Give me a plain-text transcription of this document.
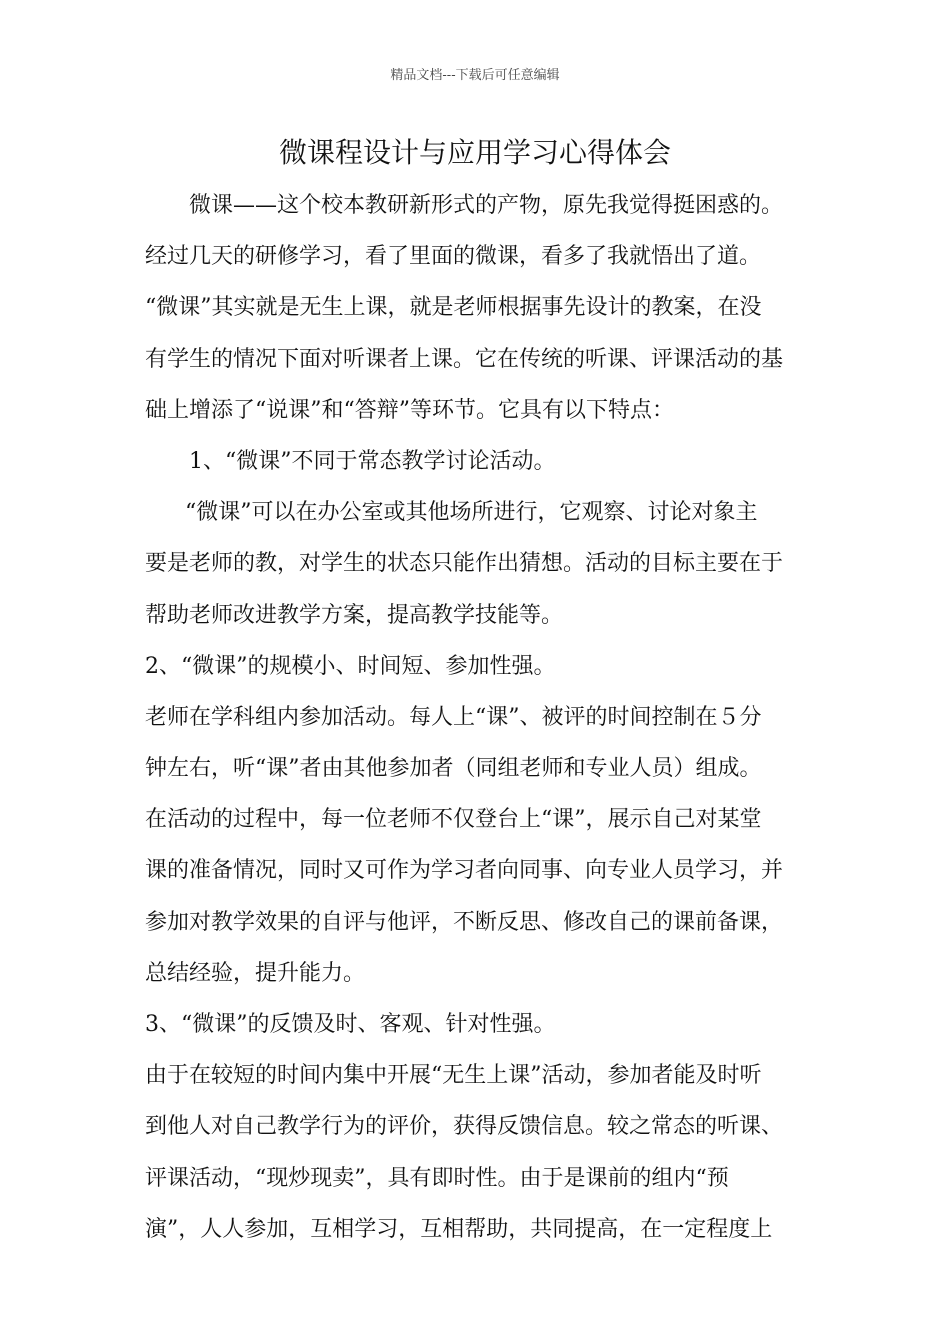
精品文档---下载后可任意编辑
微课程设计与应用学习心得体会
微课——这个校本教研新形式的产物，原先我觉得挺困惑的。
经过几天的研修学习，看了里面的微课，看多了我就悟出了道。
“微课”其实就是无生上课，就是老师根据事先设计的教案，在没
有学生的情况下面对听课者上课。它在传统的听课、评课活动的基
础上增添了“说课”和“答辩”等环节。它具有以下特点：
1、“微课”不同于常态教学讨论活动。
“微课”可以在办公室或其他场所进行，它观察、讨论对象主
要是老师的教，对学生的状态只能作出猜想。活动的目标主要在于
帮助老师改进教学方案，提高教学技能等。
2、“微课”的规模小、时间短、参加性强。
老师在学科组内参加活动。每人上“课”、被评的时间控制在５分
钟左右，听“课”者由其他参加者（同组老师和专业人员）组成。
在活动的过程中，每一位老师不仅登台上“课”，展示自己对某堂
课的准备情况，同时又可作为学习者向同事、向专业人员学习，并
参加对教学效果的自评与他评，不断反思、修改自己的课前备课，
总结经验，提升能力。
3、“微课”的反馈及时、客观、针对性强。
由于在较短的时间内集中开展“无生上课”活动，参加者能及时听
到他人对自己教学行为的评价，获得反馈信息。较之常态的听课、
评课活动，“现炒现卖”，具有即时性。由于是课前的组内“预
演”，人人参加，互相学习，互相帮助，共同提高，在一定程度上
